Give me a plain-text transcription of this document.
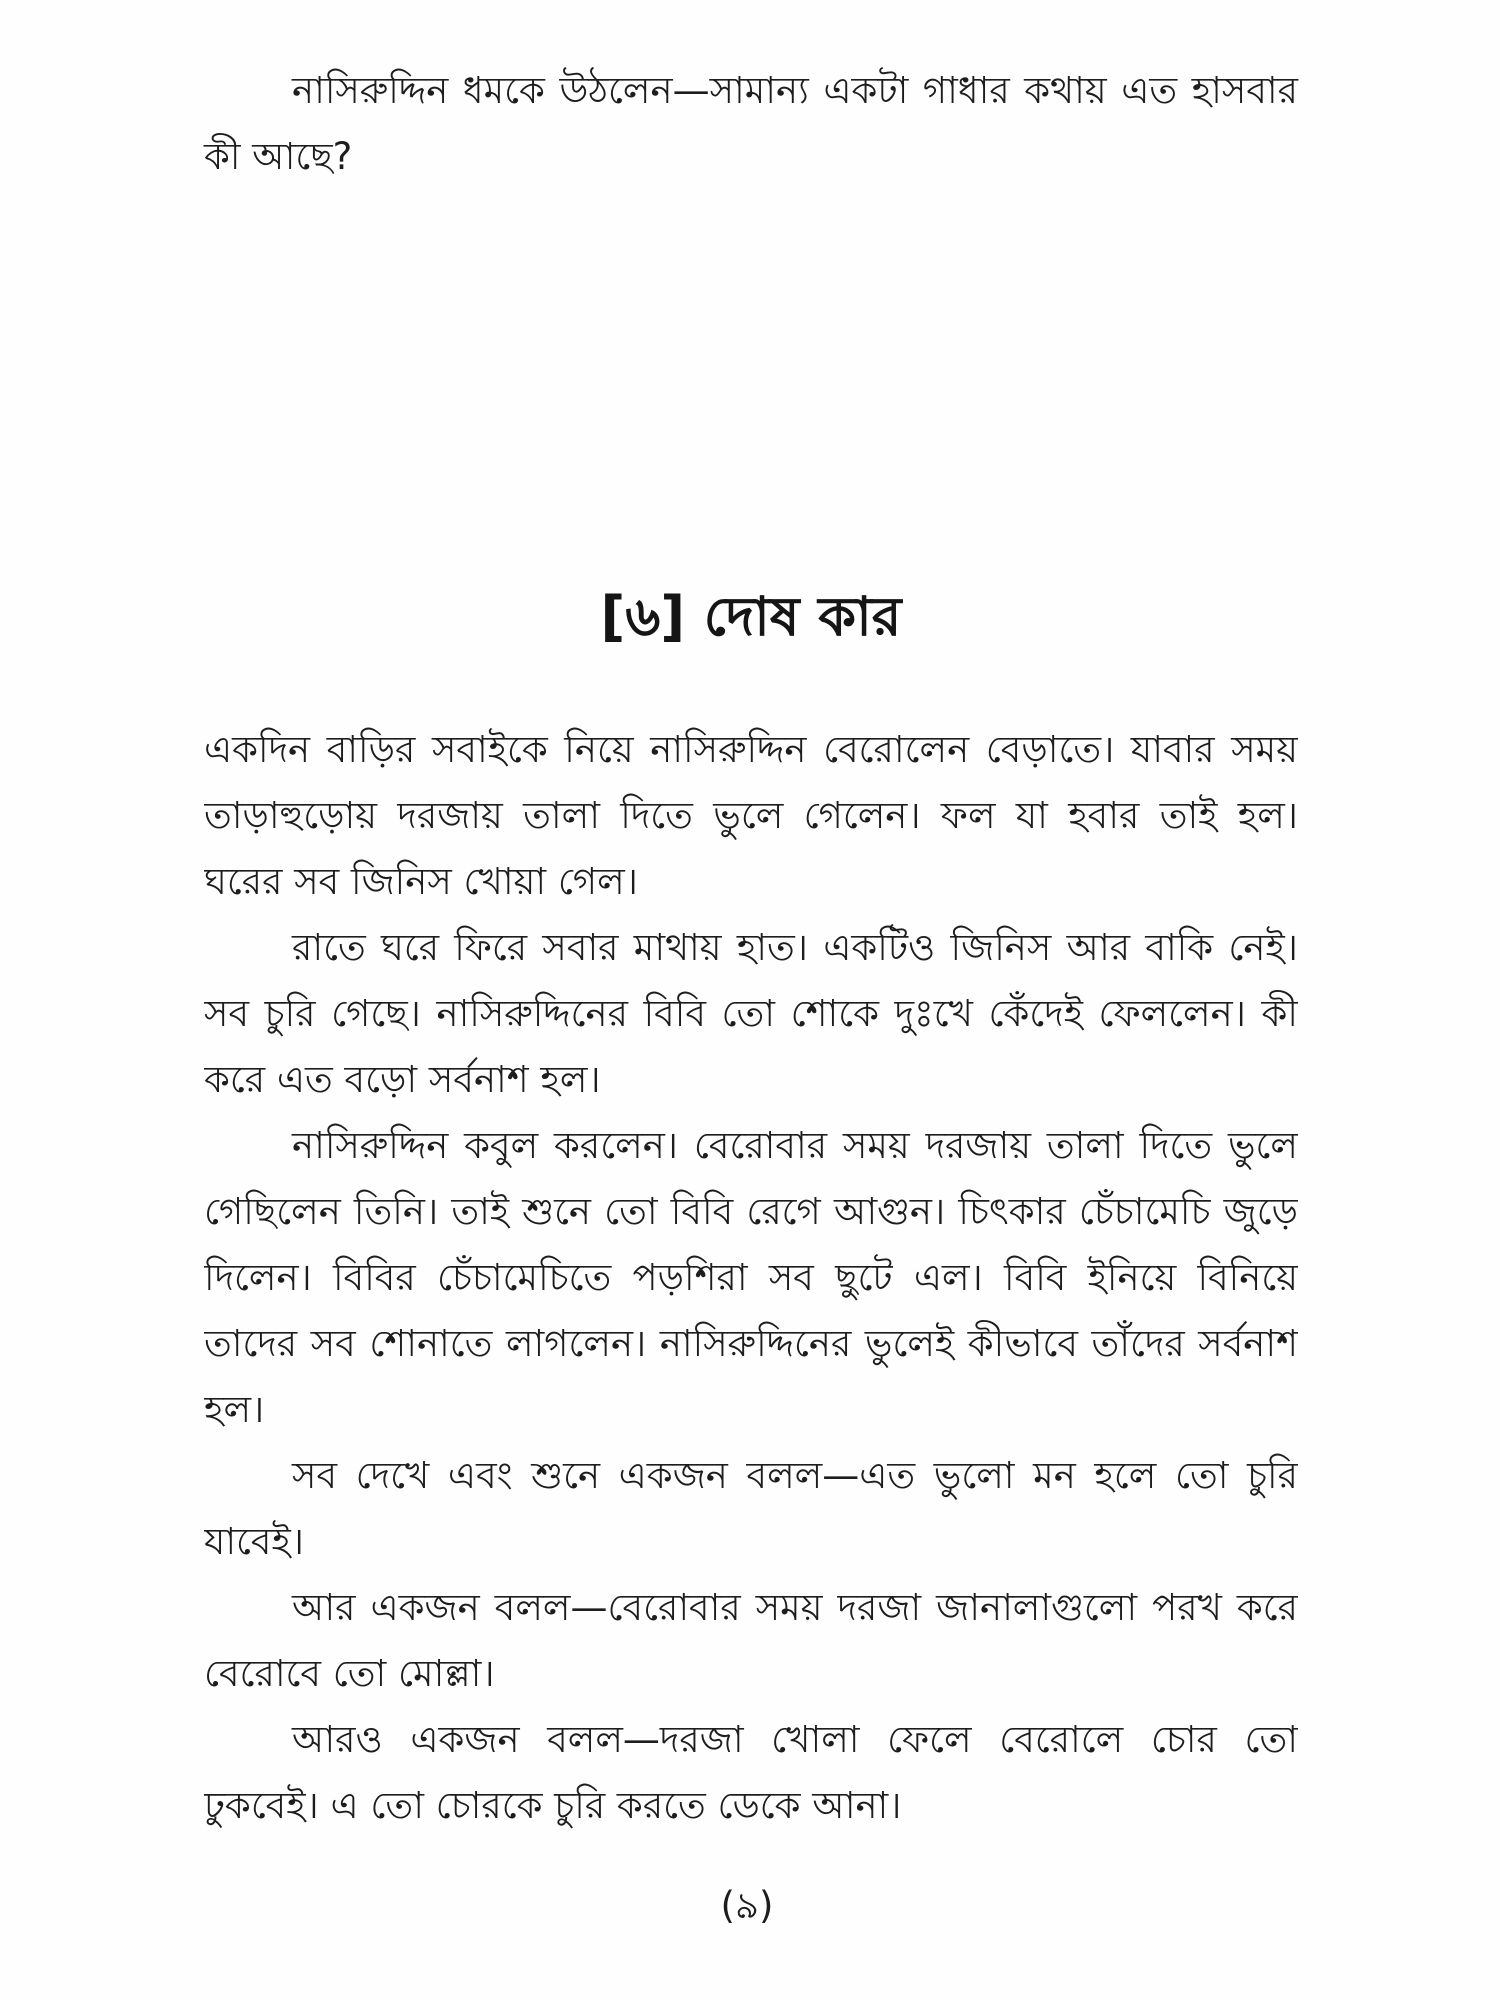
নাসিরুদ্দিন ধমকে উঠলেন—সামান্য একটা গাধার কথায় এত হাসবার কী আছে?

[৬] দোষ কার

একদিন বাড়ির সবাইকে নিয়ে নাসিরুদ্দিন বেরোলেন বেড়াতে। যাবার সময় তাড়াহুড়োয় দরজায় তালা দিতে ভুলে গেলেন। ফল যা হবার তাই হল। ঘরের সব জিনিস খোয়া গেল।

রাতে ঘরে ফিরে সবার মাথায় হাত। একটিও জিনিস আর বাকি নেই। সব চুরি গেছে। নাসিরুদ্দিনের বিবি তো শোকে দুঃখে কেঁদেই ফেললেন। কী করে এত বড়ো সর্বনাশ হল।

নাসিরুদ্দিন কবুল করলেন। বেরোবার সময় দরজায় তালা দিতে ভুলে গেছিলেন তিনি। তাই শুনে তো বিবি রেগে আগুন। চিৎকার চেঁচামেচি জুড়ে দিলেন। বিবির চেঁচামেচিতে পড়শিরা সব ছুটে এল। বিবি ইনিয়ে বিনিয়ে তাদের সব শোনাতে লাগলেন। নাসিরুদ্দিনের ভুলেই কীভাবে তাঁদের সর্বনাশ হল।

সব দেখে এবং শুনে একজন বলল—এত ভুলো মন হলে তো চুরি যাবেই।

আর একজন বলল—বেরোবার সময় দরজা জানালাগুলো পরখ করে বেরোবে তো মোল্লা।

আরও একজন বলল—দরজা খোলা ফেলে বেরোলে চোর তো ঢুকবেই। এ তো চোরকে চুরি করতে ডেকে আনা।

(৯)
